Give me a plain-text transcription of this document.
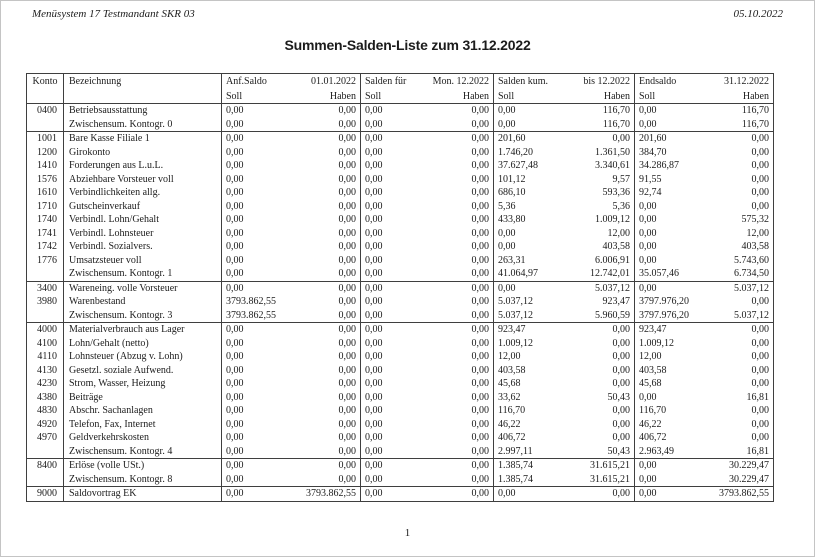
Menüsystem 17 Testmandant SKR 03	05.10.2022
Summen-Salden-Liste zum 31.12.2022
Konto	Bezeichnung	Anf.Saldo	01.01.2022	Salden für	Mon. 12.2022	Salden kum.	bis 12.2022	Endsaldo	31.12.2022
		Soll	Haben	Soll	Haben	Soll	Haben	Soll	Haben
0400	Betriebsausstattung	0,00	0,00	0,00	0,00	0,00	116,70	0,00	116,70
	Zwischensum. Kontogr. 0	0,00	0,00	0,00	0,00	0,00	116,70	0,00	116,70
1001	Bare Kasse Filiale 1	0,00	0,00	0,00	0,00	201,60	0,00	201,60	0,00
1200	Girokonto	0,00	0,00	0,00	0,00	1.746,20	1.361,50	384,70	0,00
1410	Forderungen aus L.u.L.	0,00	0,00	0,00	0,00	37.627,48	3.340,61	34.286,87	0,00
1576	Abziehbare Vorsteuer voll	0,00	0,00	0,00	0,00	101,12	9,57	91,55	0,00
1610	Verbindlichkeiten allg.	0,00	0,00	0,00	0,00	686,10	593,36	92,74	0,00
1710	Gutscheinverkauf	0,00	0,00	0,00	0,00	5,36	5,36	0,00	0,00
1740	Verbindl. Lohn/Gehalt	0,00	0,00	0,00	0,00	433,80	1.009,12	0,00	575,32
1741	Verbindl. Lohnsteuer	0,00	0,00	0,00	0,00	0,00	12,00	0,00	12,00
1742	Verbindl. Sozialvers.	0,00	0,00	0,00	0,00	0,00	403,58	0,00	403,58
1776	Umsatzsteuer voll	0,00	0,00	0,00	0,00	263,31	6.006,91	0,00	5.743,60
	Zwischensum. Kontogr. 1	0,00	0,00	0,00	0,00	41.064,97	12.742,01	35.057,46	6.734,50
3400	Wareneing. volle Vorsteuer	0,00	0,00	0,00	0,00	0,00	5.037,12	0,00	5.037,12
3980	Warenbestand	3793.862,55	0,00	0,00	0,00	5.037,12	923,47	3797.976,20	0,00
	Zwischensum. Kontogr. 3	3793.862,55	0,00	0,00	0,00	5.037,12	5.960,59	3797.976,20	5.037,12
4000	Materialverbrauch aus Lager	0,00	0,00	0,00	0,00	923,47	0,00	923,47	0,00
4100	Lohn/Gehalt (netto)	0,00	0,00	0,00	0,00	1.009,12	0,00	1.009,12	0,00
4110	Lohnsteuer (Abzug v. Lohn)	0,00	0,00	0,00	0,00	12,00	0,00	12,00	0,00
4130	Gesetzl. soziale Aufwend.	0,00	0,00	0,00	0,00	403,58	0,00	403,58	0,00
4230	Strom, Wasser, Heizung	0,00	0,00	0,00	0,00	45,68	0,00	45,68	0,00
4380	Beiträge	0,00	0,00	0,00	0,00	33,62	50,43	0,00	16,81
4830	Abschr. Sachanlagen	0,00	0,00	0,00	0,00	116,70	0,00	116,70	0,00
4920	Telefon, Fax, Internet	0,00	0,00	0,00	0,00	46,22	0,00	46,22	0,00
4970	Geldverkehrskosten	0,00	0,00	0,00	0,00	406,72	0,00	406,72	0,00
	Zwischensum. Kontogr. 4	0,00	0,00	0,00	0,00	2.997,11	50,43	2.963,49	16,81
8400	Erlöse (volle USt.)	0,00	0,00	0,00	0,00	1.385,74	31.615,21	0,00	30.229,47
	Zwischensum. Kontogr. 8	0,00	0,00	0,00	0,00	1.385,74	31.615,21	0,00	30.229,47
9000	Saldovortrag EK	0,00	3793.862,55	0,00	0,00	0,00	0,00	0,00	3793.862,55
1
